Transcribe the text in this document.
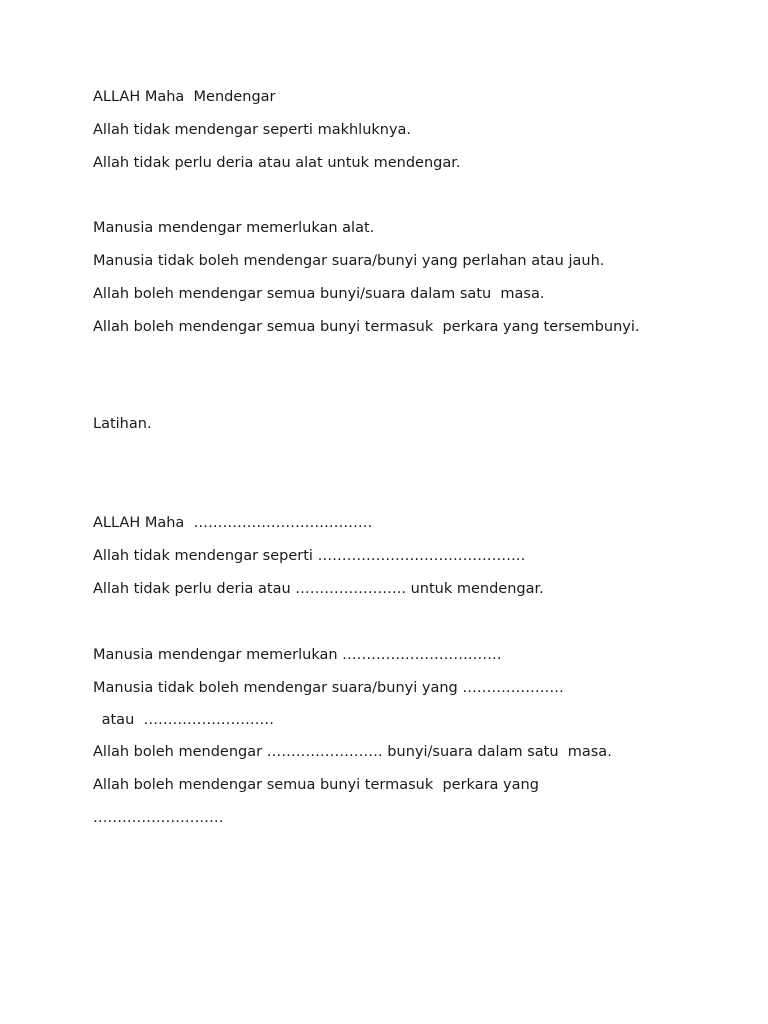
ALLAH Maha  Mendengar
Allah tidak mendengar seperti makhluknya.
Allah tidak perlu deria atau alat untuk mendengar.
Manusia mendengar memerlukan alat.
Manusia tidak boleh mendengar suara/bunyi yang perlahan atau jauh.
Allah boleh mendengar semua bunyi/suara dalam satu  masa.
Allah boleh mendengar semua bunyi termasuk  perkara yang tersembunyi.
Latihan.
ALLAH Maha  ……………………………….
Allah tidak mendengar seperti …………………………………….
Allah tidak perlu deria atau ………………….. untuk mendengar.
Manusia mendengar memerlukan ……………………………
Manusia tidak boleh mendengar suara/bunyi yang …………………
atau  ………………………
Allah boleh mendengar …………………… bunyi/suara dalam satu  masa.
Allah boleh mendengar semua bunyi termasuk  perkara yang
………………………
